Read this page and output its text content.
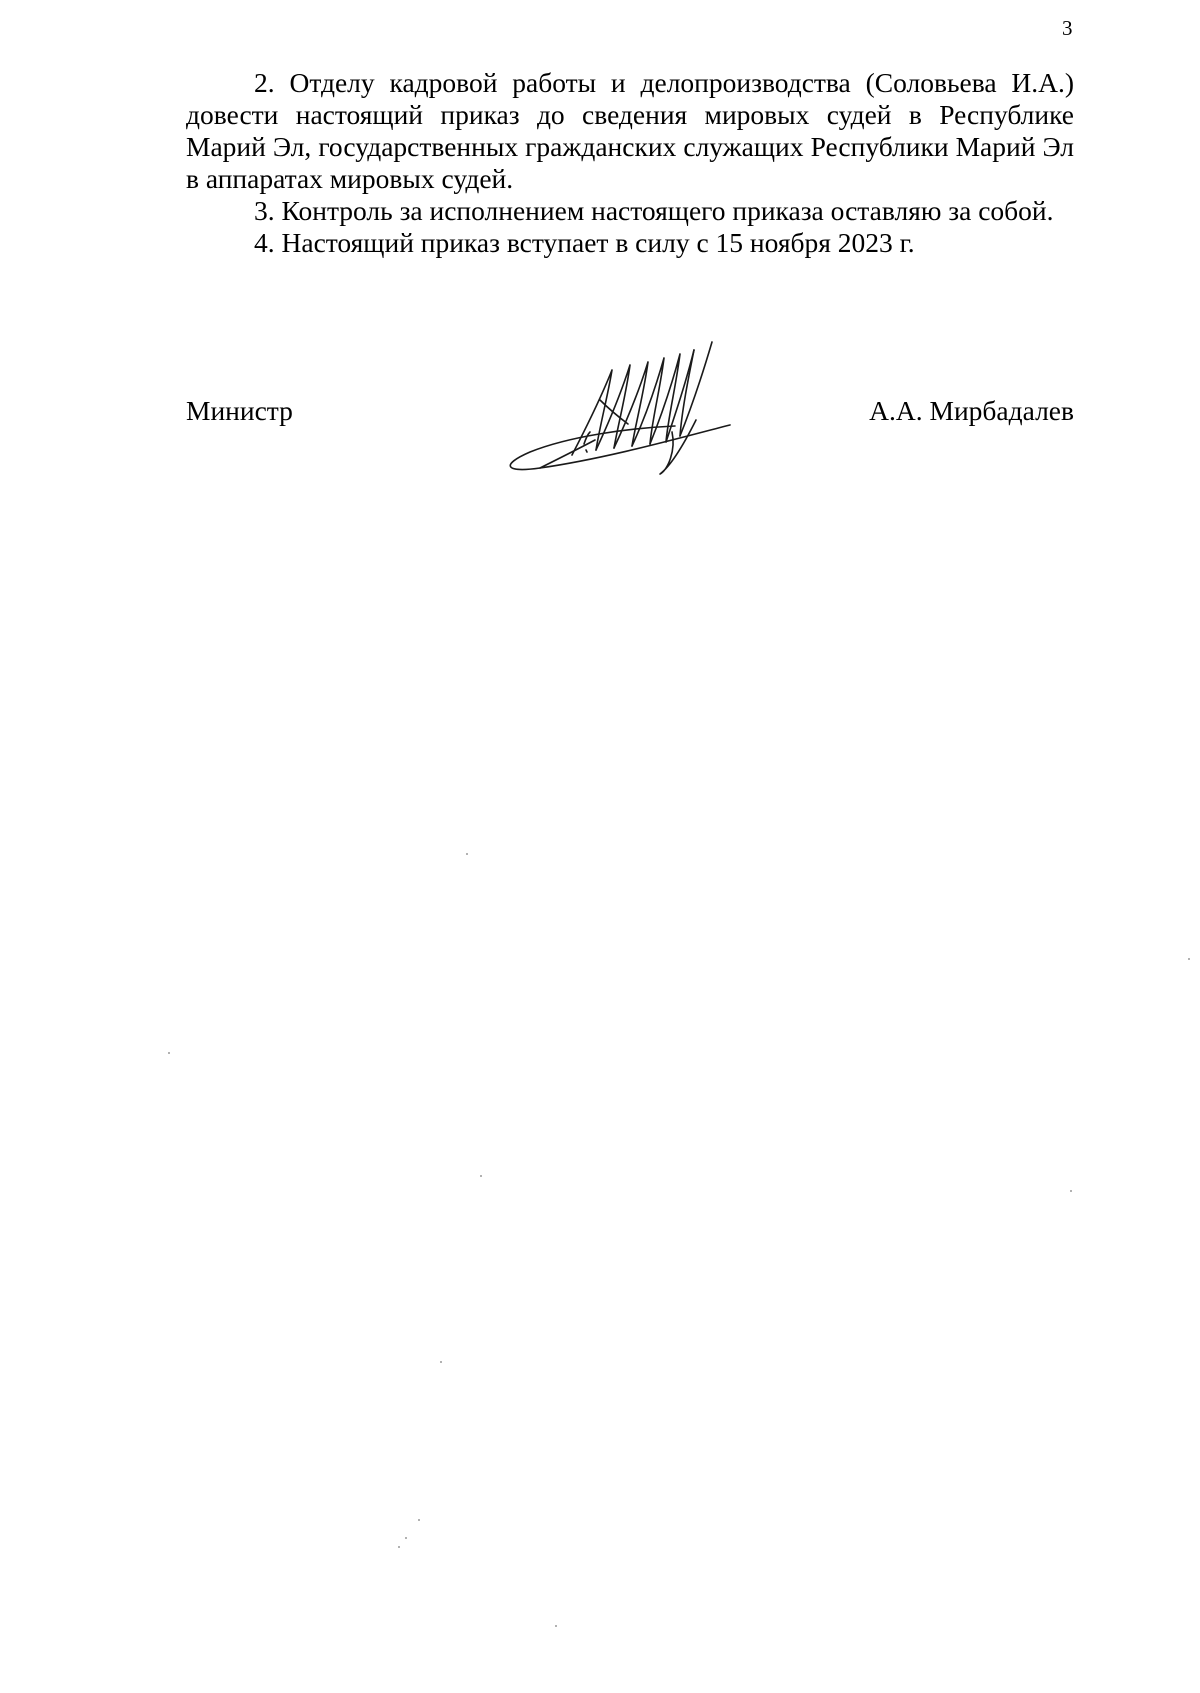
3

2. Отделу кадровой работы и делопроизводства (Соловьева И.А.) довести настоящий приказ до сведения мировых судей в Республике Марий Эл, государственных гражданских служащих Республики Марий Эл в аппаратах мировых судей.

3. Контроль за исполнением настоящего приказа оставляю за собой.

4. Настоящий приказ вступает в силу с 15 ноября 2023 г.

Министр	А.А. Мирбадалев
